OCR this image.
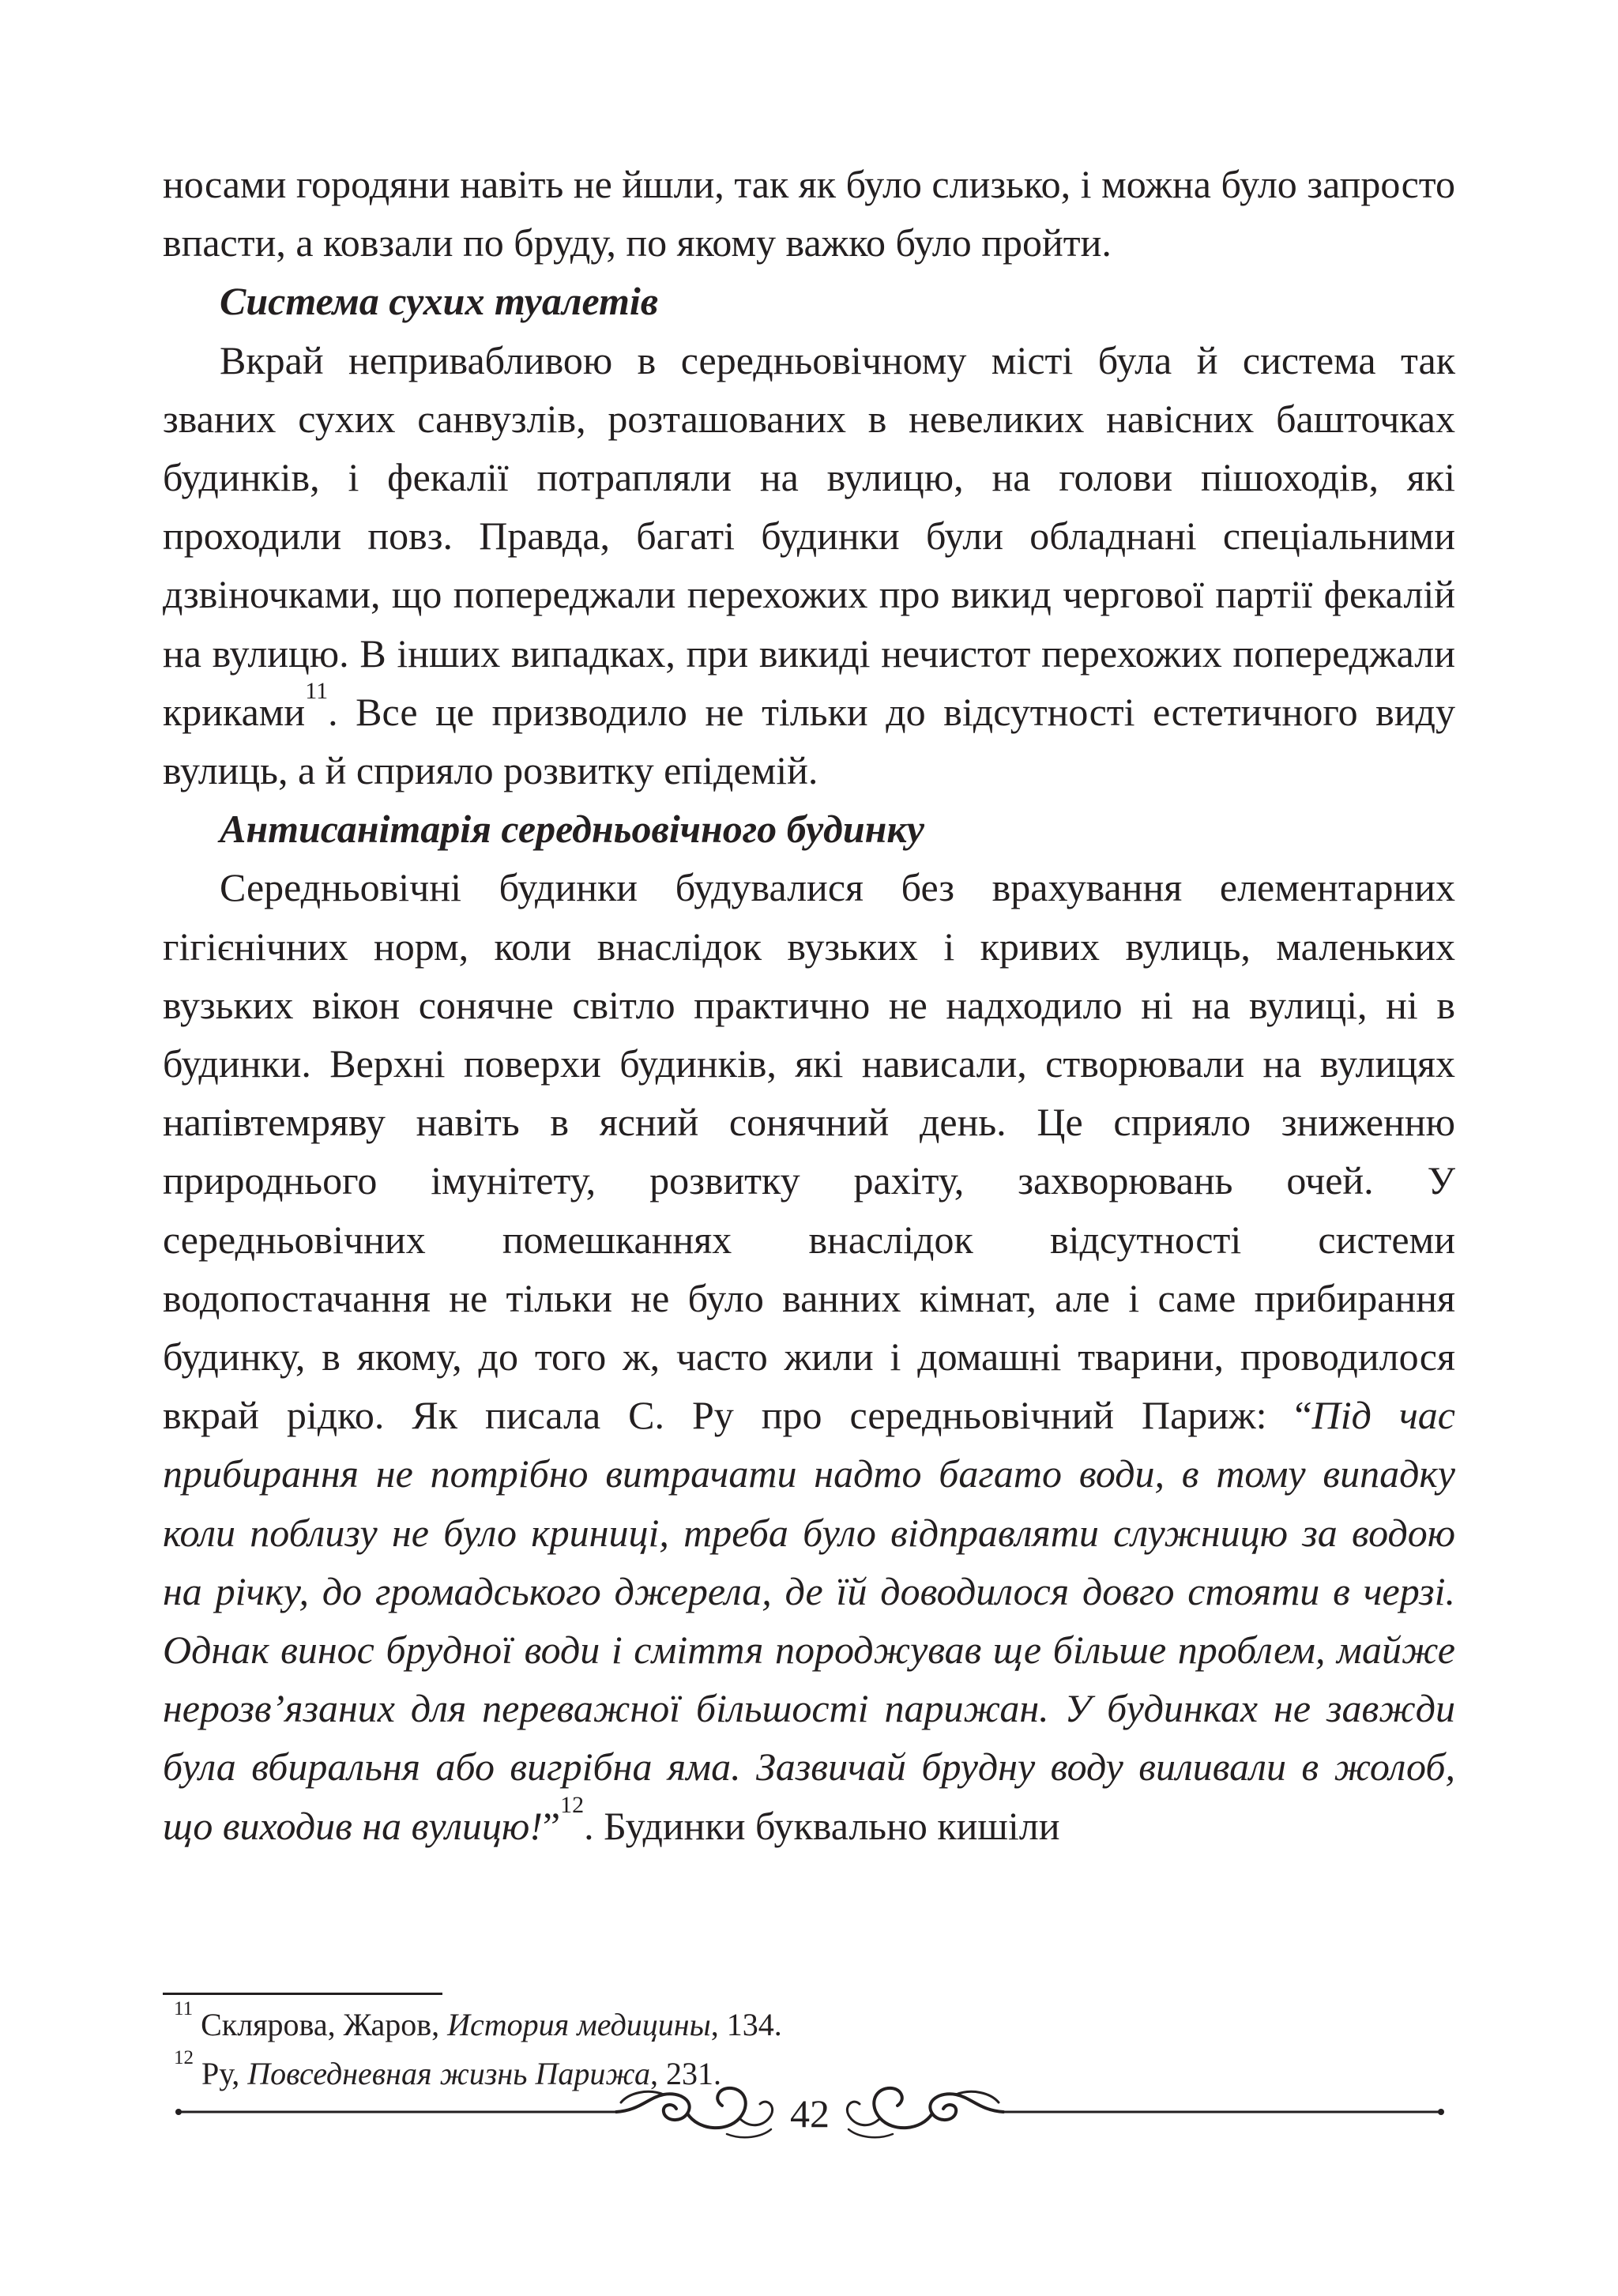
носами городяни навіть не йшли, так як було слизько, і можна було запросто впасти, а ковзали по бруду, по якому важко було пройти.

Система сухих туалетів

Вкрай непривабливою в середньовічному місті була й система так званих сухих санвузлів, розташованих в невеликих навісних башточках будинків, і фекалії потрапляли на вулицю, на голови пішоходів, які проходили повз. Правда, багаті будинки були обладнані спеціальними дзвіночками, що попереджали перехожих про викид чергової партії фекалій на вулицю. В інших випадках, при викиді нечистот перехожих попереджали криками$^{11}$. Все це призводило не тільки до відсутності естетичного виду вулиць, а й сприяло розвитку епідемій.

Антисанітарія середньовічного будинку

Середньовічні будинки будувалися без врахування елементарних гігієнічних норм, коли внаслідок вузьких і кривих вулиць, маленьких вузьких вікон сонячне світло практично не надходило ні на вулиці, ні в будинки. Верхні поверхи будинків, які нависали, створювали на вулицях напівтемряву навіть в ясний сонячний день. Це сприяло зниженню природнього імунітету, розвитку рахіту, захворювань очей. У середньовічних помешканнях внаслідок відсутності системи водопостачання не тільки не було ванних кімнат, але і саме прибирання будинку, в якому, до того ж, часто жили і домашні тварини, проводилося вкрай рідко. Як писала С. Ру про середньовічний Париж: “Під час прибирання не потрібно витрачати надто багато води, в тому випадку коли поблизу не було криниці, треба було відправляти служницю за водою на річку, до громадського джерела, де їй доводилося довго стояти в черзі. Однак винос брудної води і сміття породжував ще більше проблем, майже нерозв’язаних для переважної більшості парижан. У будинках не завжди була вбиральня або вигрібна яма. Зазвичай брудну воду виливали в жолоб, що виходив на вулицю!”$^{12}$. Будинки буквально кишіли

$^{11}$ Склярова, Жаров, История медицины, 134.

$^{12}$ Ру, Повседневная жизнь Парижа, 231.

42
